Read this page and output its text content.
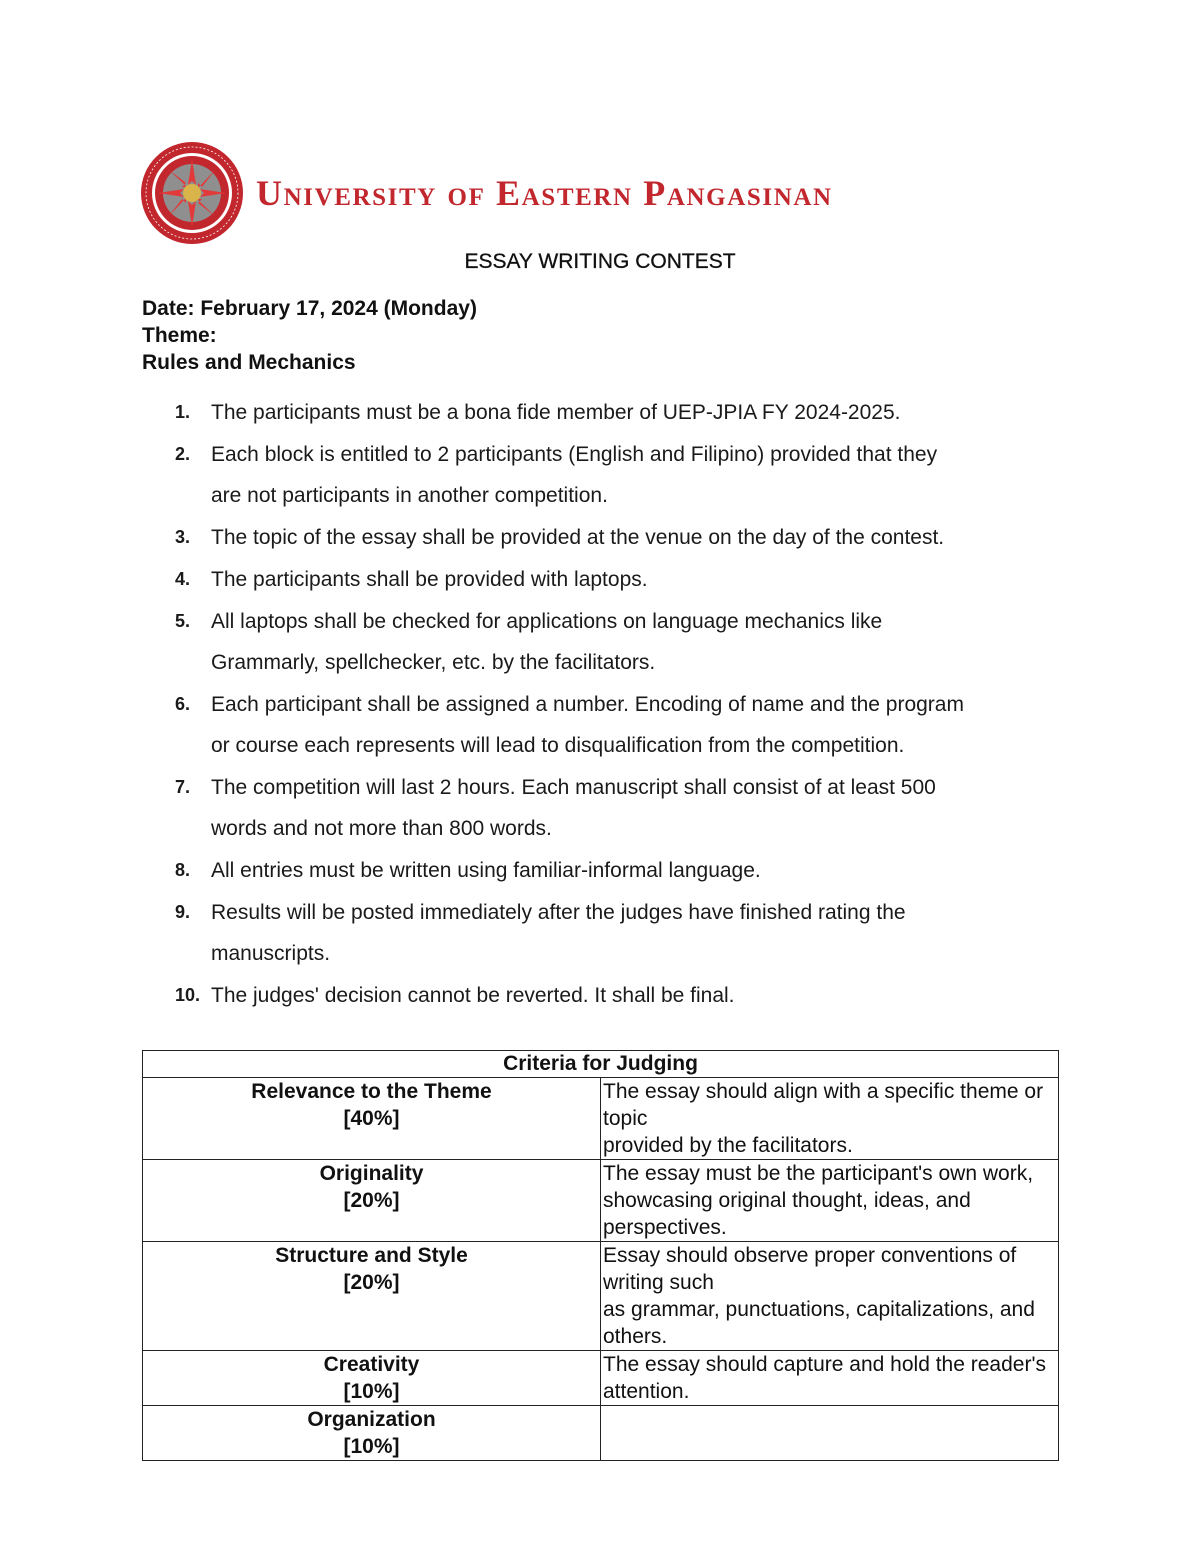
University of Eastern Pangasinan
ESSAY WRITING CONTEST
Date: February 17, 2024 (Monday)
Theme:
Rules and Mechanics
1. The participants must be a bona fide member of UEP-JPIA FY 2024-2025.
2. Each block is entitled to 2 participants (English and Filipino) provided that they
are not participants in another competition.
3. The topic of the essay shall be provided at the venue on the day of the contest.
4. The participants shall be provided with laptops.
5. All laptops shall be checked for applications on language mechanics like
Grammarly, spellchecker, etc. by the facilitators.
6. Each participant shall be assigned a number. Encoding of name and the program
or course each represents will lead to disqualification from the competition.
7. The competition will last 2 hours. Each manuscript shall consist of at least 500
words and not more than 800 words.
8. All entries must be written using familiar-informal language.
9. Results will be posted immediately after the judges have finished rating the
manuscripts.
10. The judges' decision cannot be reverted. It shall be final.
Criteria for Judging	
Relevance to the Theme
[40%]	The essay should align with a specific theme or topic
provided by the facilitators.
Originality
[20%]	The essay must be the participant's own work,
showcasing original thought, ideas, and perspectives.
Structure and Style
[20%]	Essay should observe proper conventions of writing such
as grammar, punctuations, capitalizations, and others.
Creativity
[10%]	The essay should capture and hold the reader's
attention.
Organization
[10%]	
